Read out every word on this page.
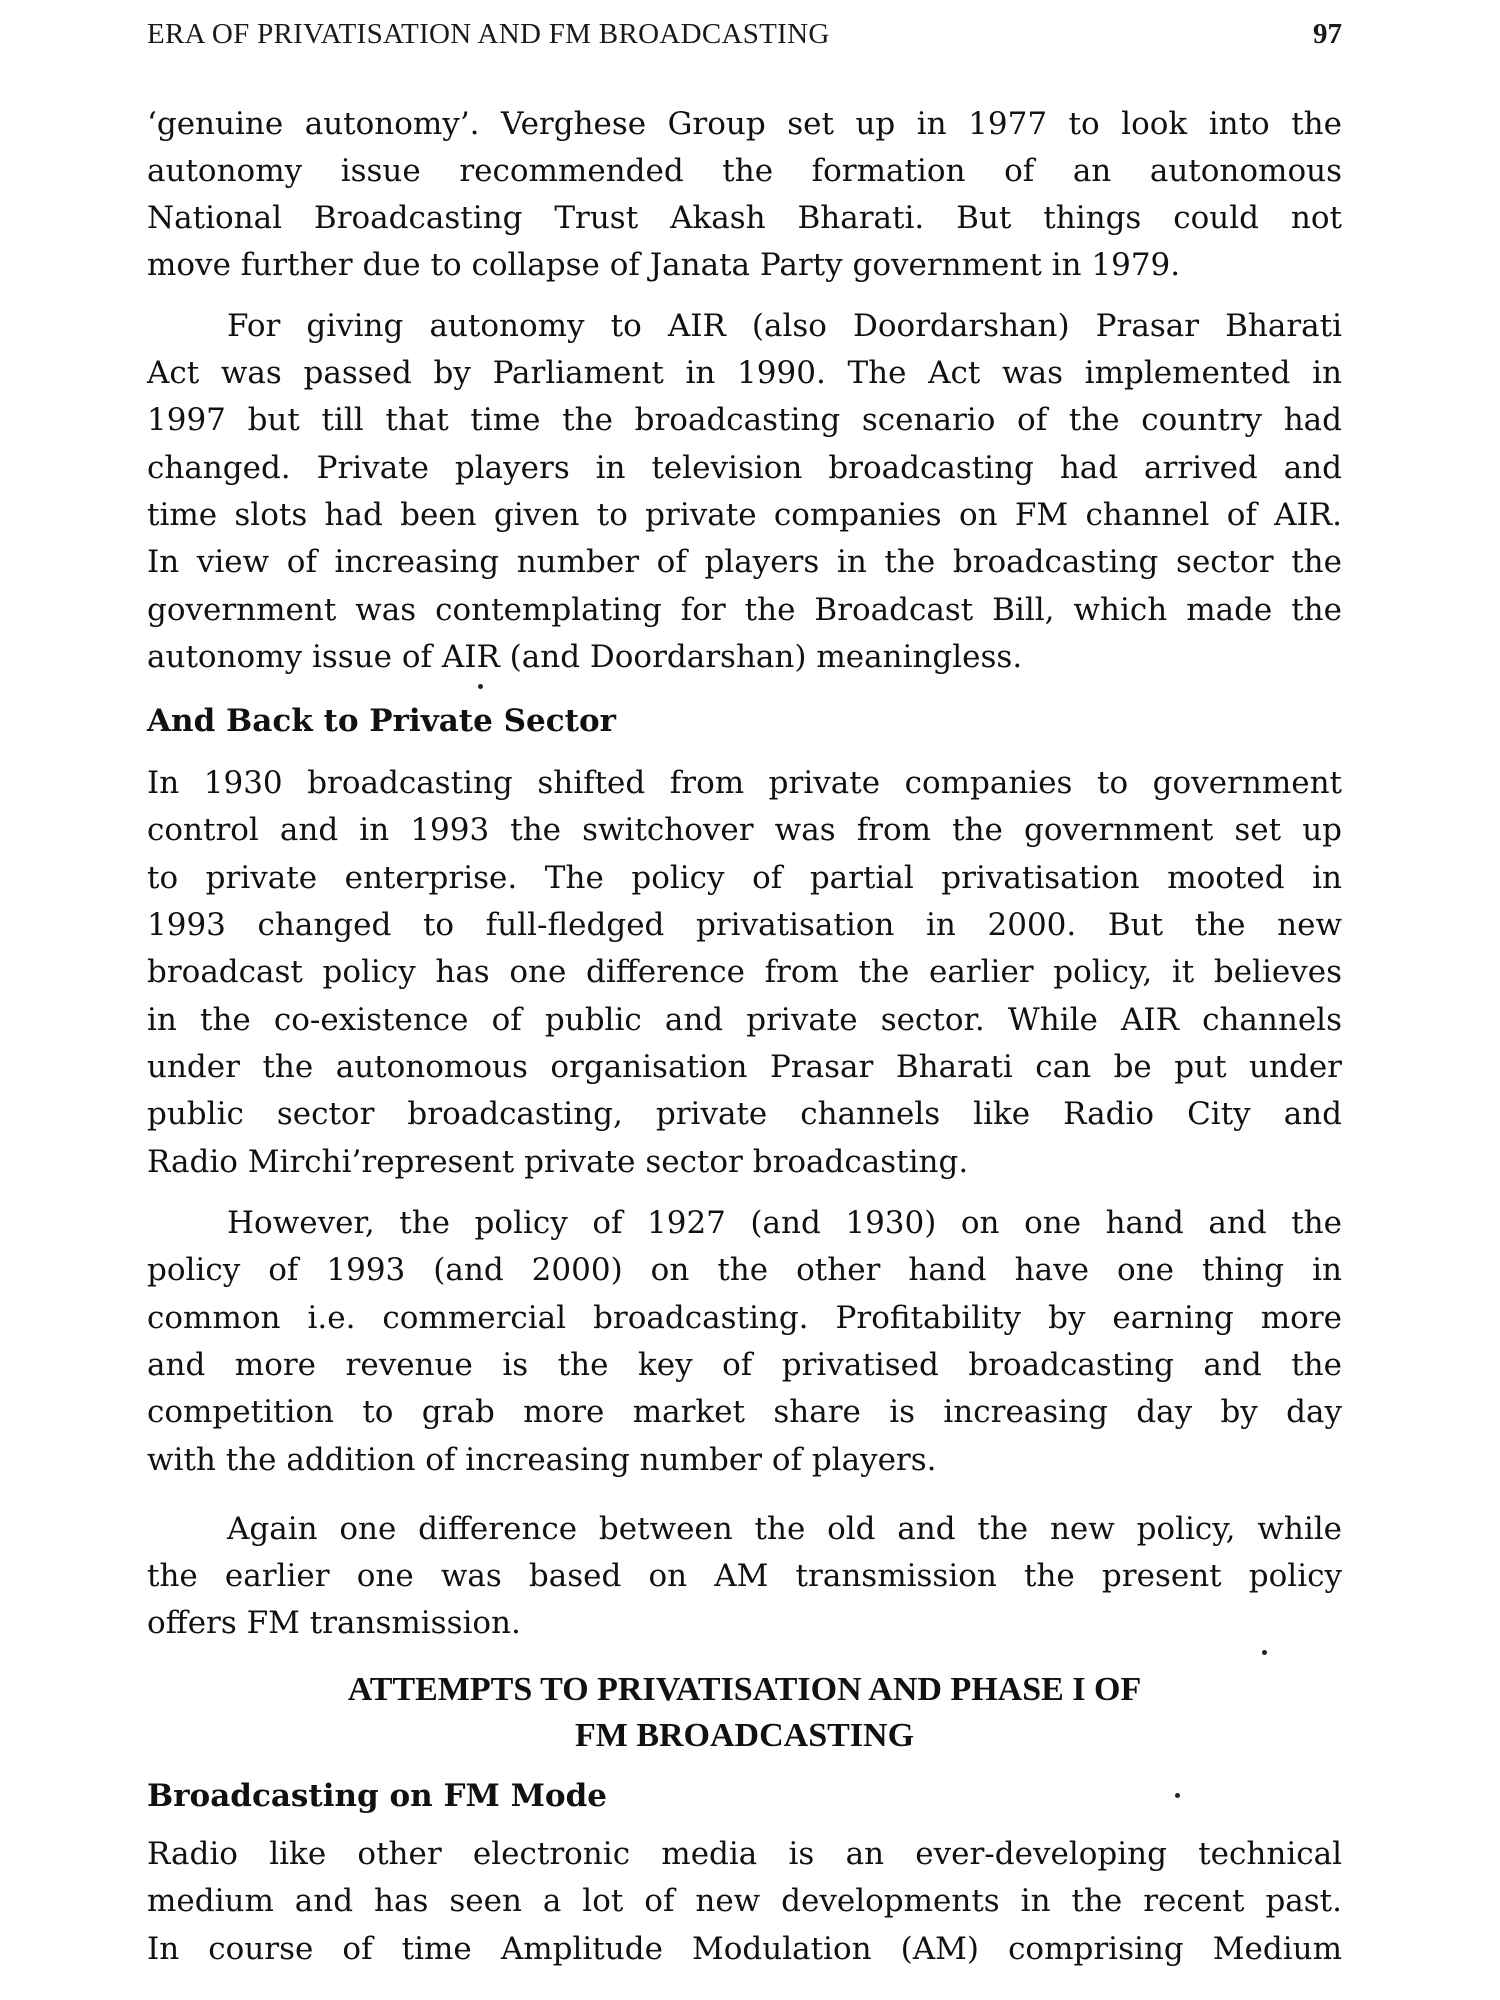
ERA OF PRIVATISATION AND FM BROADCASTING	97
‘genuine autonomy’. Verghese Group set up in 1977 to look into the
autonomy issue recommended the formation of an autonomous
National Broadcasting Trust Akash Bharati. But things could not
move further due to collapse of Janata Party government in 1979.
For giving autonomy to AIR (also Doordarshan) Prasar Bharati
Act was passed by Parliament in 1990. The Act was implemented in
1997 but till that time the broadcasting scenario of the country had
changed. Private players in television broadcasting had arrived and
time slots had been given to private companies on FM channel of AIR.
In view of increasing number of players in the broadcasting sector the
government was contemplating for the Broadcast Bill, which made the
autonomy issue of AIR (and Doordarshan) meaningless.
And Back to Private Sector
In 1930 broadcasting shifted from private companies to government
control and in 1993 the switchover was from the government set up
to private enterprise. The policy of partial privatisation mooted in
1993 changed to full-fledged privatisation in 2000. But the new
broadcast policy has one difference from the earlier policy, it believes
in the co-existence of public and private sector. While AIR channels
under the autonomous organisation Prasar Bharati can be put under
public sector broadcasting, private channels like Radio City and
Radio Mirchi’represent private sector broadcasting.
However, the policy of 1927 (and 1930) on one hand and the
policy of 1993 (and 2000) on the other hand have one thing in
common i.e. commercial broadcasting. Profitability by earning more
and more revenue is the key of privatised broadcasting and the
competition to grab more market share is increasing day by day
with the addition of increasing number of players.
Again one difference between the old and the new policy, while
the earlier one was based on AM transmission the present policy
offers FM transmission.
ATTEMPTS TO PRIVATISATION AND PHASE I OF
FM BROADCASTING
Broadcasting on FM Mode
Radio like other electronic media is an ever-developing technical
medium and has seen a lot of new developments in the recent past.
In course of time Amplitude Modulation (AM) comprising Medium
